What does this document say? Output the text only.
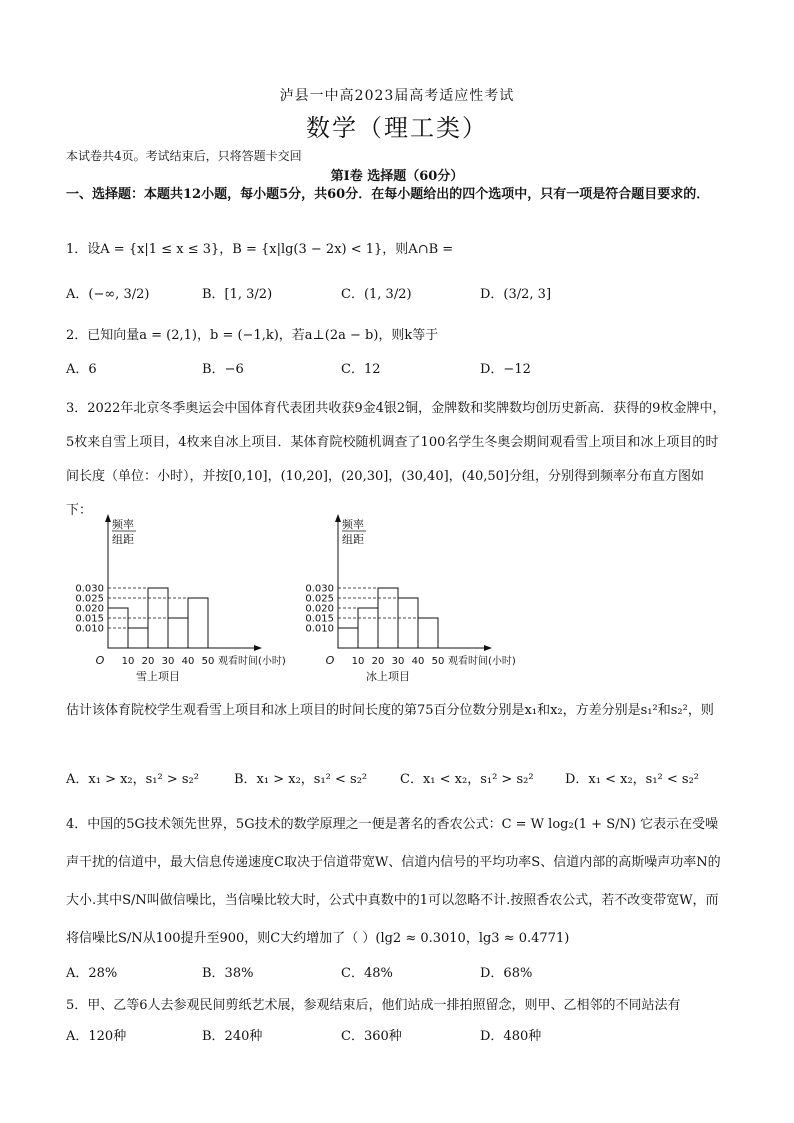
泸县一中高2023届高考适应性考试
数学（理工类）
本试卷共4页。考试结束后，只将答题卡交回
第Ⅰ卷 选择题（60分）
一、选择题：本题共12小题，每小题5分，共60分．在每小题给出的四个选项中，只有一项是符合题目要求的．
1．设A = {x|1 ≤ x ≤ 3}，B = {x|lg(3 − 2x) < 1}，则A∩B =
A．(−∞, 3/2)	B．[1, 3/2)	C．(1, 3/2)	D．(3/2, 3]
2．已知向量a = (2,1)，b = (−1,k)，若a⊥(2a − b)，则k等于
A．6	B．−6	C．12	D．−12
3．2022年北京冬季奥运会中国体育代表团共收获9金4银2铜，金牌数和奖牌数均创历史新高．获得的9枚金牌中，5枚来自雪上项目，4枚来自冰上项目．某体育院校随机调查了100名学生冬奥会期间观看雪上项目和冰上项目的时间长度（单位：小时），并按[0,10]，(10,20]，(20,30]，(30,40]，(40,50]分组，分别得到频率分布直方图如下：
频率
组距
0.010
0.015
0.020
0.025
0.030
O 10 20 30 40 50 观看时间(小时)
雪上项目
频率
组距
0.010
0.015
0.020
0.025
0.030
O 10 20 30 40 50 观看时间(小时)
冰上项目
估计该体育院校学生观看雪上项目和冰上项目的时间长度的第75百分位数分别是x₁和x₂，方差分别是s₁²和s₂²，则
A．x₁ > x₂，s₁² > s₂²	B．x₁ > x₂，s₁² < s₂²	C．x₁ < x₂，s₁² > s₂² D．x₁ < x₂，s₁² < s₂²
4．中国的5G技术领先世界，5G技术的数学原理之一便是著名的香农公式：C = W log₂(1 + S/N) 它表示在受噪声干扰的信道中，最大信息传递速度C取决于信道带宽W、信道内信号的平均功率S、信道内部的高斯噪声功率N的大小.其中S/N叫做信噪比，当信噪比较大时，公式中真数中的1可以忽略不计.按照香农公式，若不改变带宽W，而将信噪比S/N从100提升至900，则C大约增加了（ ）(lg2 ≈ 0.3010，lg3 ≈ 0.4771)
A．28%	B．38%	C．48%	D．68%
5．甲、乙等6人去参观民间剪纸艺术展，参观结束后，他们站成一排拍照留念，则甲、乙相邻的不同站法有
A．120种	B．240种	C．360种	D．480种
